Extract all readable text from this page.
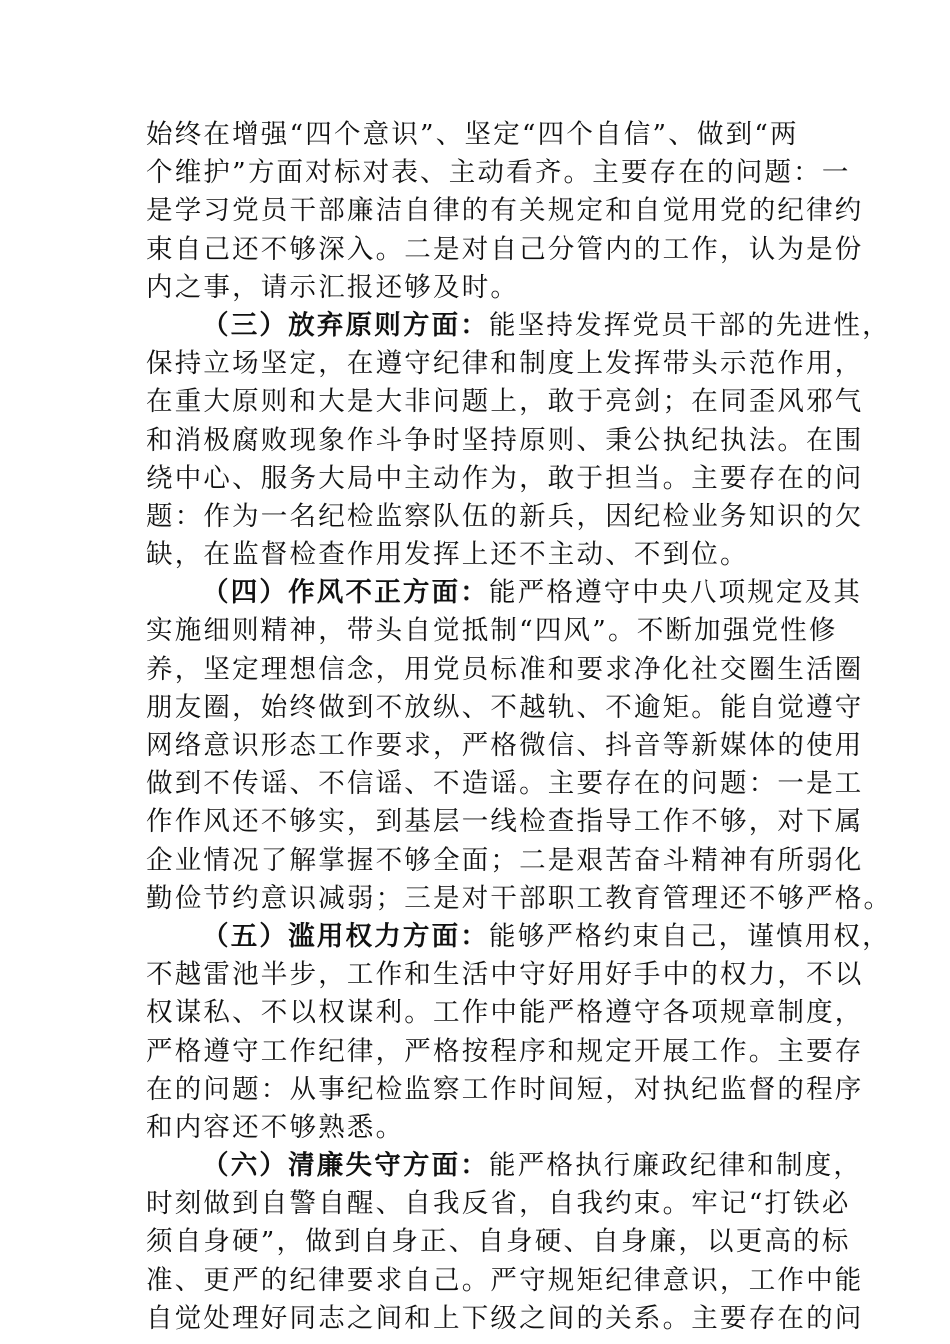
始终在增强“四个意识”、坚定“四个自信”、做到“两
个维护”方面对标对表、主动看齐。主要存在的问题：一
是学习党员干部廉洁自律的有关规定和自觉用党的纪律约
束自己还不够深入。二是对自己分管内的工作，认为是份
内之事，请示汇报还够及时。
（三）放弃原则方面：能坚持发挥党员干部的先进性，
保持立场坚定，在遵守纪律和制度上发挥带头示范作用，
在重大原则和大是大非问题上，敢于亮剑；在同歪风邪气
和消极腐败现象作斗争时坚持原则、秉公执纪执法。在围
绕中心、服务大局中主动作为，敢于担当。主要存在的问
题：作为一名纪检监察队伍的新兵，因纪检业务知识的欠
缺，在监督检查作用发挥上还不主动、不到位。
（四）作风不正方面：能严格遵守中央八项规定及其
实施细则精神，带头自觉抵制“四风”。不断加强党性修
养，坚定理想信念，用党员标准和要求净化社交圈生活圈
朋友圈，始终做到不放纵、不越轨、不逾矩。能自觉遵守
网络意识形态工作要求，严格微信、抖音等新媒体的使用
做到不传谣、不信谣、不造谣。主要存在的问题：一是工
作作风还不够实，到基层一线检查指导工作不够，对下属
企业情况了解掌握不够全面；二是艰苦奋斗精神有所弱化
勤俭节约意识减弱；三是对干部职工教育管理还不够严格。
（五）滥用权力方面：能够严格约束自己，谨慎用权，
不越雷池半步，工作和生活中守好用好手中的权力，不以
权谋私、不以权谋利。工作中能严格遵守各项规章制度，
严格遵守工作纪律，严格按程序和规定开展工作。主要存
在的问题：从事纪检监察工作时间短，对执纪监督的程序
和内容还不够熟悉。
（六）清廉失守方面：能严格执行廉政纪律和制度，
时刻做到自警自醒、自我反省，自我约束。牢记“打铁必
须自身硬”，做到自身正、自身硬、自身廉，以更高的标
准、更严的纪律要求自己。严守规矩纪律意识，工作中能
自觉处理好同志之间和上下级之间的关系。主要存在的问
